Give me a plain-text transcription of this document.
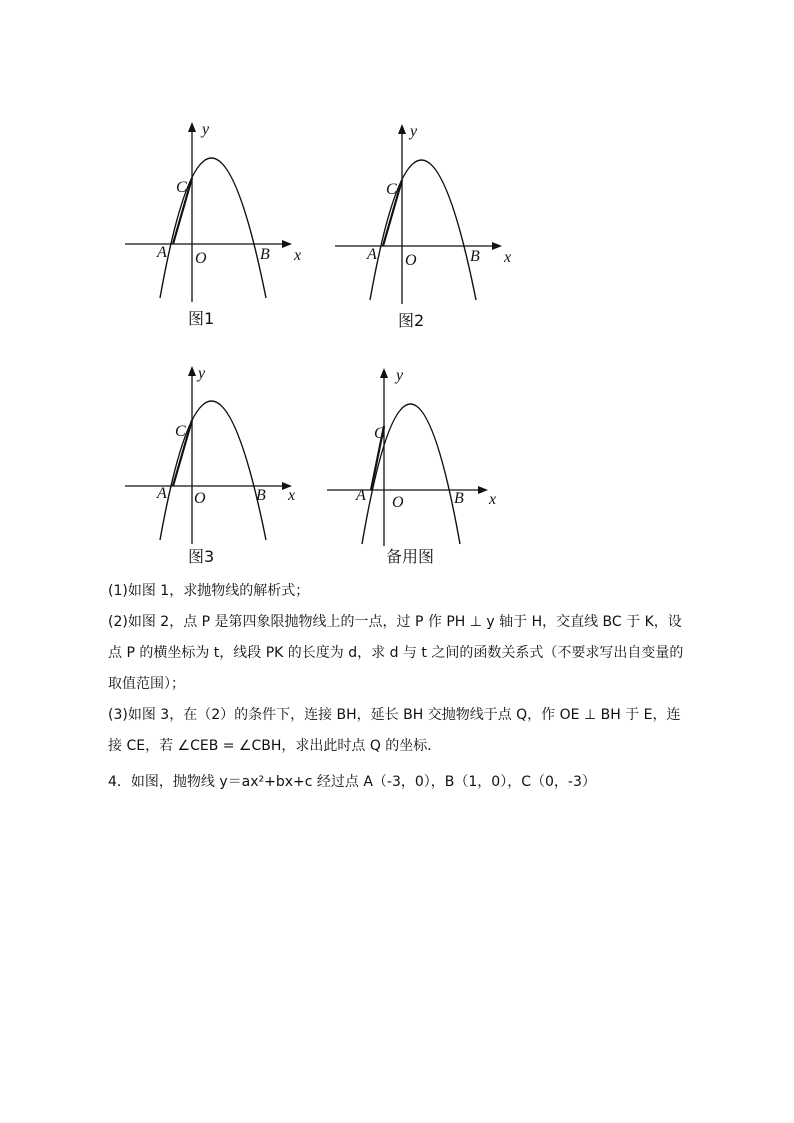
y
x
O
A	B
C
图1
y
x
O
A	B
C
图2
y
x
O
A	B
C
图3
y
x
O
A	B
C
备用图

(1)如图 1，求抛物线的解析式；

(2)如图 2，点 P 是第四象限抛物线上的一点，过 P 作 PH ⊥ y 轴于 H，交直线 BC 于 K，设点 P 的横坐标为 t，线段 PK 的长度为 d，求 d 与 t 之间的函数关系式（不要求写出自变量的取值范围）；

(3)如图 3，在（2）的条件下，连接 BH，延长 BH 交抛物线于点 Q，作 OE ⊥ BH 于 E，连接 CE，若 ∠CEB = ∠CBH，求出此时点 Q 的坐标．

4．如图，抛物线 y＝ax²+bx+c 经过点 A（-3，0），B（1，0），C（0，-3）
